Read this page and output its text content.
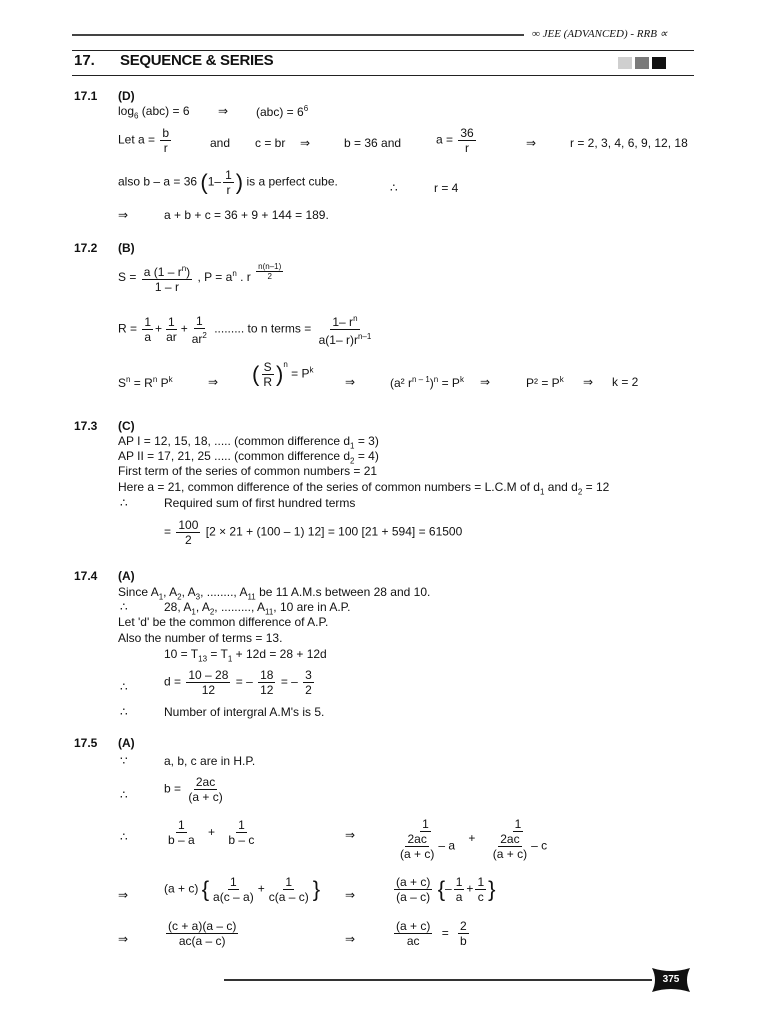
∞ JEE (ADVANCED) - RRB ∝
17. SEQUENCE & SERIES
17.1 (D)
$\log_6 (abc) = 6$ ⇒ $(abc) = 6^6$
Let $a = \frac{b}{r}$	and c = br ⇒	b = 36 and	$a = \frac{36}{r}$	⇒	r = 2, 3, 4, 6, 9, 12, 18
also b – a = 36 ($1- \frac{1}{r}$ ) is a perfect cube.	∴	r = 4
⇒	a + b + c = 36 + 9 + 144 = 189.
17.2 (B)
$S = \frac{a (1 - r^n)}{1 - r}$ , $P = a^n$ . r $\frac{n(n-1)}{2}$
$R = \frac{1}{a} + \frac{1}{ar} + \frac{1}{ar^2}$ ......... to n terms = $\frac{1- r^n}{a(1- r)r^{n-1}}$
$S^n = R^n$ $P^k$	⇒ ( $\frac{S}{R} )^n = P^k$
⇒	(a² $r^{n - 1})^n = P^k$ ⇒	$P^2 = P^k$ ⇒ k = 2
17.3 (C)
AP I = 12, 15, 18, ..... (common difference $d_1 = 3$)
AP II = 17, 21, 25 ..... (common difference $d_2 = 4$)
First term of the series of common numbers = 21
Here a = 21, common difference of the series of common numbers = L.C.M of $d_1$ and $d_2 = 12$
∴	Required sum of first hundred terms
= $\frac{100}{2} [2 \times 21 + (100 - 1) 12] = 100$ [21 + 594] = 61500
17.4 (A)
Since $A_1$, $A_2$, $A_3$, ........, $A_{11}$ be 11 A.M.s between 28 and 10.
∴	28, $A_1$, $A_2$, ........., $A_{11}$, 10 are in A.P.
Let 'd' be the common difference of A.P.
Also the number of terms = 13.
$10 = T_{13} = T_1 + 12d = 28 + 12d$
∴	$d = \frac{10 - 28}{12}$ = – $\frac{18}{12}$ = – $\frac{3}{2}$
∴	Number of intergral A.M's is 5.
17.5 (A)
∵	a, b, c are in H.P.
∴	$b = \frac{2ac}{(a + c)}$
∴	$\frac{1}{b - a} + \frac{1}{b - c}$	⇒	$\frac{1}{\frac{2ac}{(a + c)} - a} + \frac{1}{\frac{2ac}{(a + c)} - c}$
⇒	(a + c) { $\frac{1}{a(c - a)} + \frac{1}{c(a - c)}$ } ⇒	$\frac{(a + c)}{(a - c)}$ {– $\frac{1}{a} + \frac{1}{c}$ }
⇒	$\frac{(c + a)(a - c)}{ac(a - c)}$	⇒	$\frac{(a + c)}{ac} = \frac{2}{b}$
375
